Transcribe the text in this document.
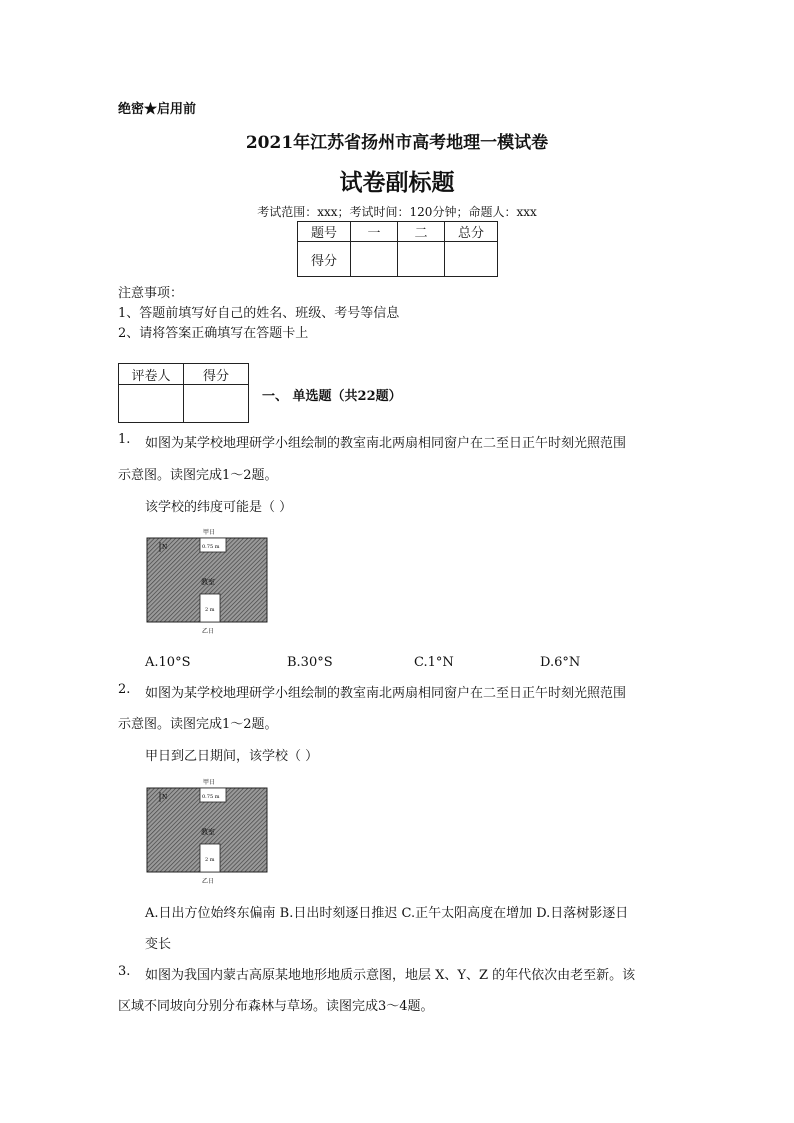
绝密★启用前
2021年江苏省扬州市高考地理一模试卷
试卷副标题
考试范围：xxx；考试时间：120分钟；命题人：xxx
题号	一	二	总分
得分			
注意事项：
1、答题前填写好自己的姓名、班级、考号等信息
2、请将答案正确填写在答题卡上
评卷人	得分

一、 单选题（共22题）
1. 如图为某学校地理研学小组绘制的教室南北两扇相同窗户在二至日正午时刻光照范围
示意图。读图完成1～2题。
该学校的纬度可能是（ ）
甲日
0.75 m
N
教室
2 m
乙日
A.10°S	B.30°S	C.1°N	D.6°N
2. 如图为某学校地理研学小组绘制的教室南北两扇相同窗户在二至日正午时刻光照范围
示意图。读图完成1～2题。
甲日到乙日期间，该学校（ ）
甲日
0.75 m
N
教室
2 m
乙日
A.日出方位始终东偏南 B.日出时刻逐日推迟 C.正午太阳高度在增加 D.日落树影逐日
变长
3. 如图为我国内蒙古高原某地地形地质示意图，地层 X、Y、Z 的年代依次由老至新。该
区域不同坡向分别分布森林与草场。读图完成3～4题。
